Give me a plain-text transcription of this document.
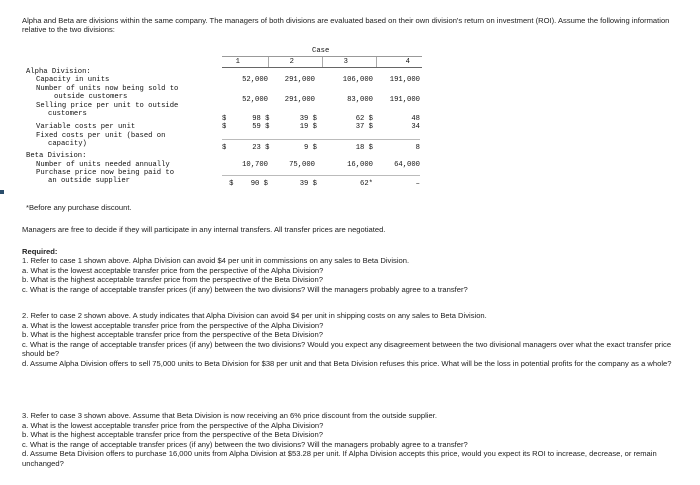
Alpha and Beta are divisions within the same company. The managers of both divisions are evaluated based on their own division's return on investment (ROI). Assume the following information relative to the two divisions:
Case
1	2	3	4
Alpha Division:
Capacity in units	52,000	291,000	106,000	191,000
Number of units now being sold to
outside customers	52,000	291,000	83,000	191,000
Selling price per unit to outside
customers
$      98 $	39 $	62 $	48
Variable costs per unit	$      59 $	19 $	37 $	34
Fixed costs per unit (based on
capacity)	$      23 $	9 $	18 $	8
Beta Division:
Number of units needed annually	10,700	75,000	16,000	64,000
Purchase price now being paid to
an outside supplier	$    90 $	39 $	62*	–
*Before any purchase discount.
Managers are free to decide if they will participate in any internal transfers. All transfer prices are negotiated.
Required:

1. Refer to case 1 shown above. Alpha Division can avoid $4 per unit in commissions on any sales to Beta Division.

a. What is the lowest acceptable transfer price from the perspective of the Alpha Division?

b. What is the highest acceptable transfer price from the perspective of the Beta Division?

c. What is the range of acceptable transfer prices (if any) between the two divisions? Will the managers probably agree to a transfer?

2. Refer to case 2 shown above. A study indicates that Alpha Division can avoid $4 per unit in shipping costs on any sales to Beta Division.

a. What is the lowest acceptable transfer price from the perspective of the Alpha Division?

b. What is the highest acceptable transfer price from the perspective of the Beta Division?

c. What is the range of acceptable transfer prices (if any) between the two divisions? Would you expect any disagreement between the two divisional managers over what the exact transfer price should be?

d. Assume Alpha Division offers to sell 75,000 units to Beta Division for $38 per unit and that Beta Division refuses this price. What will be the loss in potential profits for the company as a whole?

3. Refer to case 3 shown above. Assume that Beta Division is now receiving an 6% price discount from the outside supplier.

a. What is the lowest acceptable transfer price from the perspective of the Alpha Division?

b. What is the highest acceptable transfer price from the perspective of the Beta Division?

c. What is the range of acceptable transfer prices (if any) between the two divisions? Will the managers probably agree to a transfer?

d. Assume Beta Division offers to purchase 16,000 units from Alpha Division at $53.28 per unit. If Alpha Division accepts this price, would you expect its ROI to increase, decrease, or remain unchanged?
